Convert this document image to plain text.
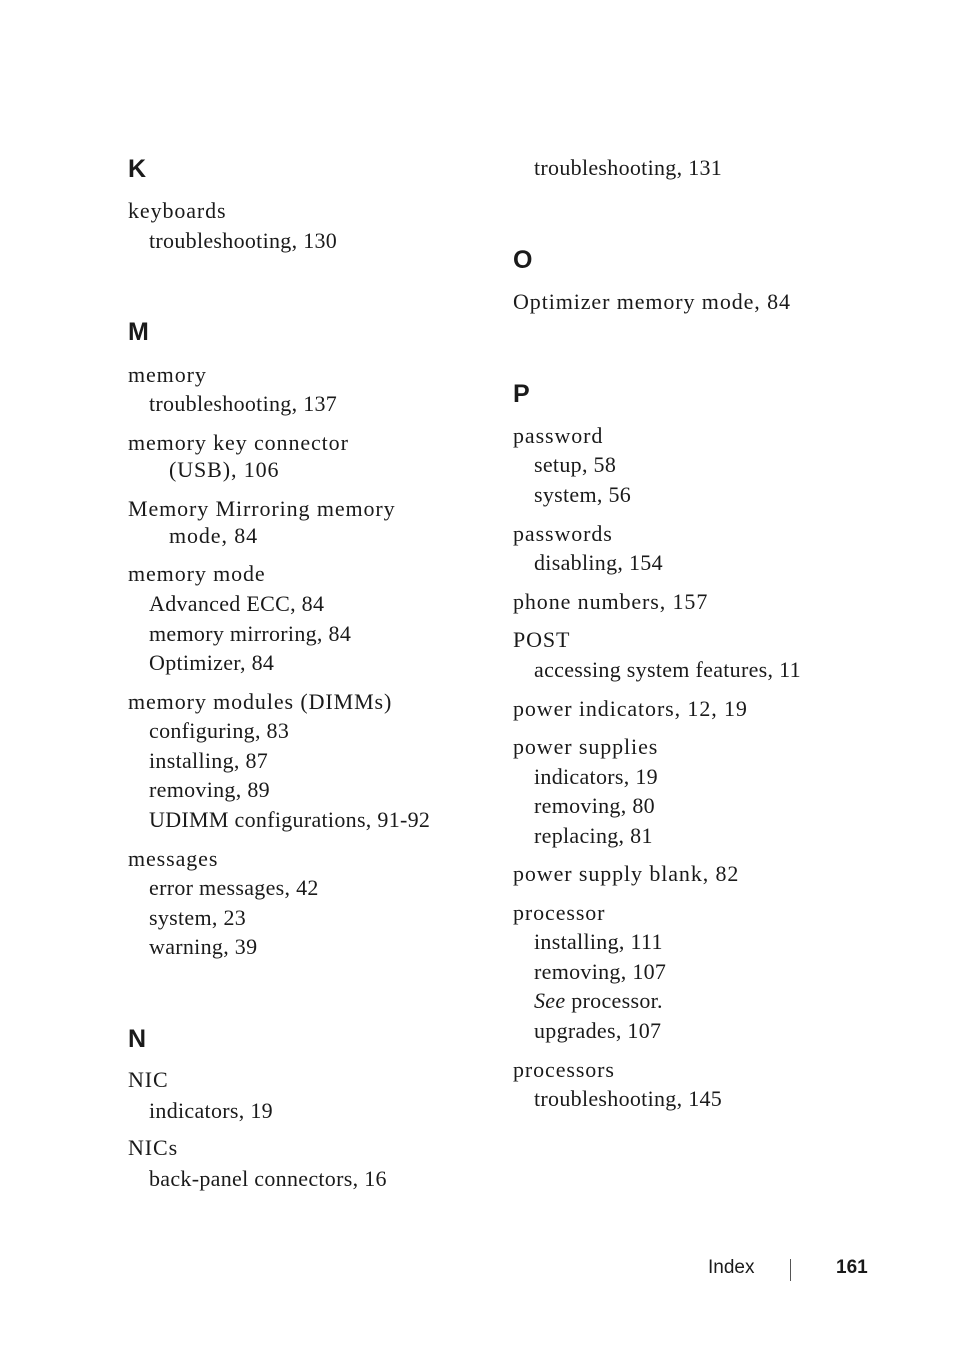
K
keyboards
troubleshooting, 130
M
memory
troubleshooting, 137
memory key connector
(USB), 106
Memory Mirroring memory
mode, 84
memory mode
Advanced ECC, 84
memory mirroring, 84
Optimizer, 84
memory modules (DIMMs)
configuring, 83
installing, 87
removing, 89
UDIMM configurations, 91-92
messages
error messages, 42
system, 23
warning, 39
N
NIC
indicators, 19
NICs
back-panel connectors, 16
troubleshooting, 131
O
Optimizer memory mode, 84
P
password
setup, 58
system, 56
passwords
disabling, 154
phone numbers, 157
POST
accessing system features, 11
power indicators, 12, 19
power supplies
indicators, 19
removing, 80
replacing, 81
power supply blank, 82
processor
installing, 111
removing, 107
See processor.
upgrades, 107
processors
troubleshooting, 145
Index	161
